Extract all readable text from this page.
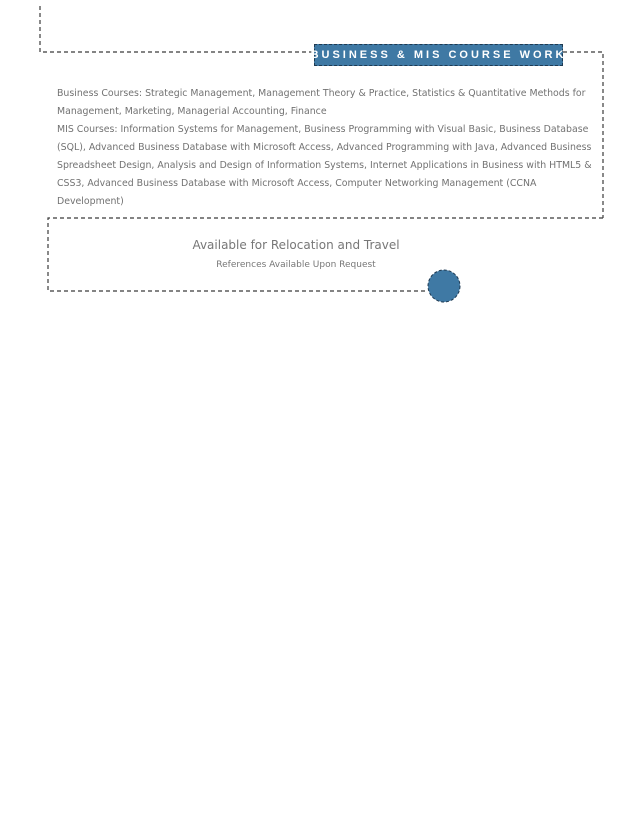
BUSINESS & MIS COURSE WORK

Business Courses: Strategic Management, Management Theory & Practice, Statistics & Quantitative Methods for Management, Marketing, Managerial Accounting, Finance

MIS Courses: Information Systems for Management, Business Programming with Visual Basic, Business Database (SQL), Advanced Business Database with Microsoft Access, Advanced Programming with Java, Advanced Business Spreadsheet Design, Analysis and Design of Information Systems, Internet Applications in Business with HTML5 & CSS3, Advanced Business Database with Microsoft Access, Computer Networking Management (CCNA Development)

Available for Relocation and Travel
References Available Upon Request
